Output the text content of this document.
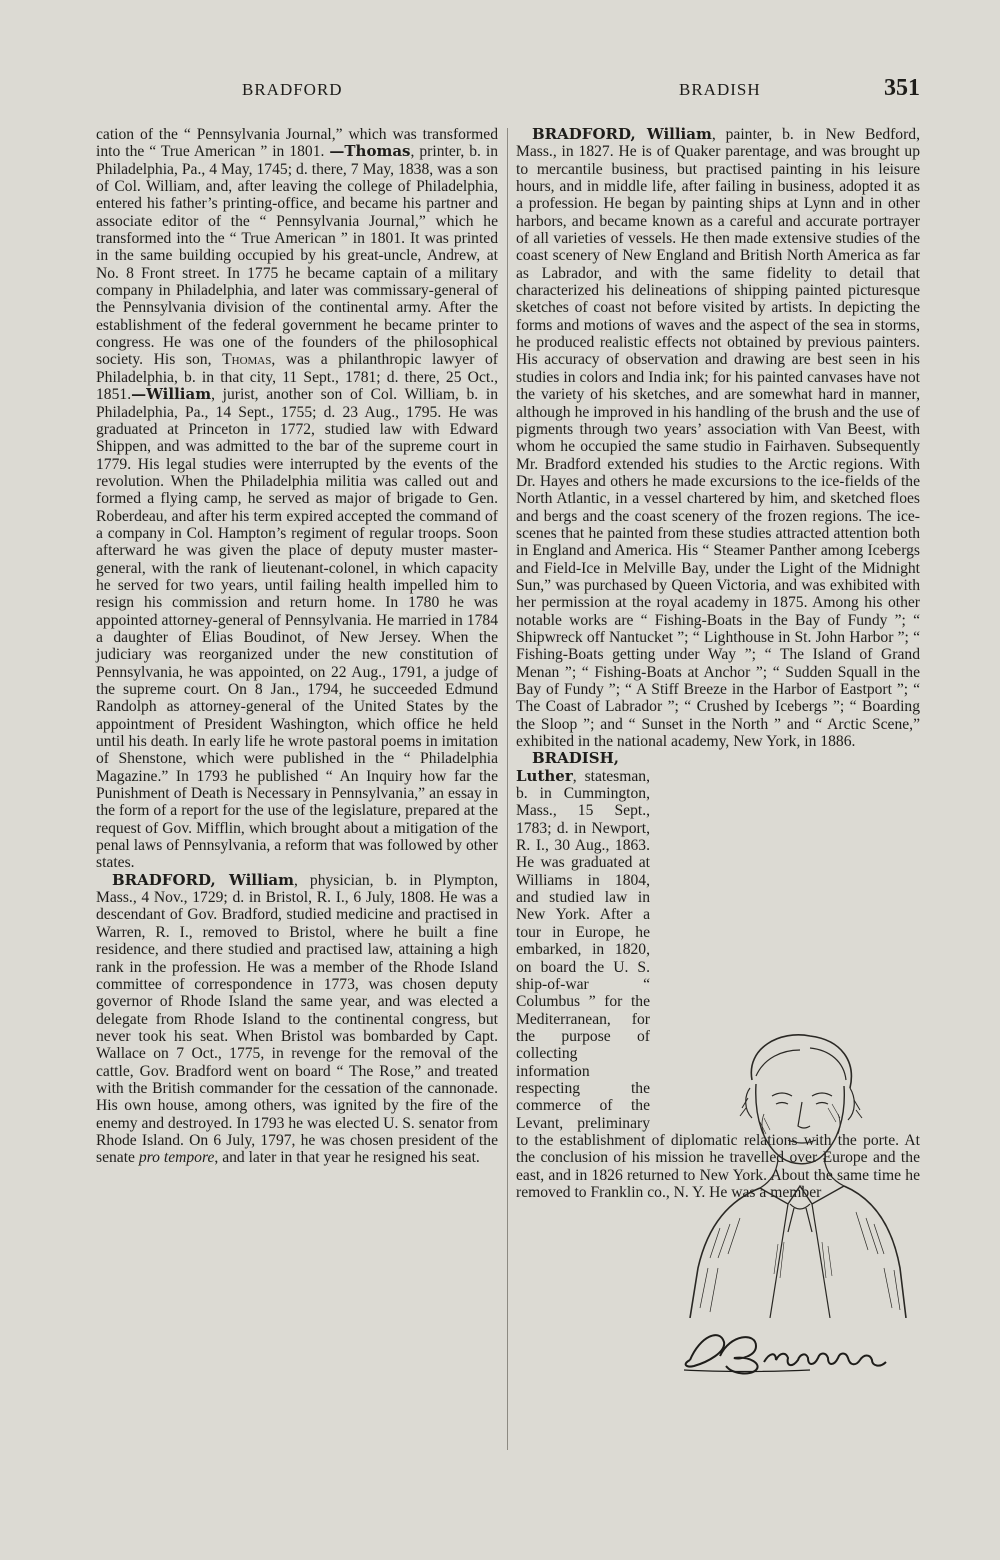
BRADFORD	BRADISH	351

cation of the “ Pennsylvania Journal,” which was transformed into the “ True American ” in 1801. —Thomas, printer, b. in Philadelphia, Pa., 4 May, 1745; d. there, 7 May, 1838, was a son of Col. William, and, after leaving the college of Philadelphia, entered his father’s printing-office, and became his partner and associate editor of the “ Pennsylvania Journal,” which he transformed into the “ True American ” in 1801. It was printed in the same building occupied by his great-uncle, Andrew, at No. 8 Front street. In 1775 he became captain of a military company in Philadelphia, and later was commissary-general of the Pennsylvania division of the continental army. After the establishment of the federal government he became printer to congress. He was one of the founders of the philosophical society. His son, Thomas, was a philanthropic lawyer of Philadelphia, b. in that city, 11 Sept., 1781; d. there, 25 Oct., 1851.—William, jurist, another son of Col. William, b. in Philadelphia, Pa., 14 Sept., 1755; d. 23 Aug., 1795. He was graduated at Princeton in 1772, studied law with Edward Shippen, and was admitted to the bar of the supreme court in 1779. His legal studies were interrupted by the events of the revolution. When the Philadelphia militia was called out and formed a flying camp, he served as major of brigade to Gen. Roberdeau, and after his term expired accepted the command of a company in Col. Hampton’s regiment of regular troops. Soon afterward he was given the place of deputy muster master-general, with the rank of lieutenant-colonel, in which capacity he served for two years, until failing health impelled him to resign his commission and return home. In 1780 he was appointed attorney-general of Pennsylvania. He married in 1784 a daughter of Elias Boudinot, of New Jersey. When the judiciary was reorganized under the new constitution of Pennsylvania, he was appointed, on 22 Aug., 1791, a judge of the supreme court. On 8 Jan., 1794, he succeeded Edmund Randolph as attorney-general of the United States by the appointment of President Washington, which office he held until his death. In early life he wrote pastoral poems in imitation of Shenstone, which were published in the “ Philadelphia Magazine.” In 1793 he published “ An Inquiry how far the Punishment of Death is Necessary in Pennsylvania,” an essay in the form of a report for the use of the legislature, prepared at the request of Gov. Mifflin, which brought about a mitigation of the penal laws of Pennsylvania, a reform that was followed by other states.

BRADFORD, William, physician, b. in Plympton, Mass., 4 Nov., 1729; d. in Bristol, R. I., 6 July, 1808. He was a descendant of Gov. Bradford, studied medicine and practised in Warren, R. I., removed to Bristol, where he built a fine residence, and there studied and practised law, attaining a high rank in the profession. He was a member of the Rhode Island committee of correspondence in 1773, was chosen deputy governor of Rhode Island the same year, and was elected a delegate from Rhode Island to the continental congress, but never took his seat. When Bristol was bombarded by Capt. Wallace on 7 Oct., 1775, in revenge for the removal of the cattle, Gov. Bradford went on board “ The Rose,” and treated with the British commander for the cessation of the cannonade. His own house, among others, was ignited by the fire of the enemy and destroyed. In 1793 he was elected U. S. senator from Rhode Island. On 6 July, 1797, he was chosen president of the senate pro tempore, and later in that year he resigned his seat.

BRADFORD, William, painter, b. in New Bedford, Mass., in 1827. He is of Quaker parentage, and was brought up to mercantile business, but practised painting in his leisure hours, and in middle life, after failing in business, adopted it as a profession. He began by painting ships at Lynn and in other harbors, and became known as a careful and accurate portrayer of all varieties of vessels. He then made extensive studies of the coast scenery of New England and British North America as far as Labrador, and with the same fidelity to detail that characterized his delineations of shipping painted picturesque sketches of coast not before visited by artists. In depicting the forms and motions of waves and the aspect of the sea in storms, he produced realistic effects not obtained by previous painters. His accuracy of observation and drawing are best seen in his studies in colors and India ink; for his painted canvases have not the variety of his sketches, and are somewhat hard in manner, although he improved in his handling of the brush and the use of pigments through two years’ association with Van Beest, with whom he occupied the same studio in Fairhaven. Subsequently Mr. Bradford extended his studies to the Arctic regions. With Dr. Hayes and others he made excursions to the ice-fields of the North Atlantic, in a vessel chartered by him, and sketched floes and bergs and the coast scenery of the frozen regions. The ice-scenes that he painted from these studies attracted attention both in England and America. His “ Steamer Panther among Icebergs and Field-Ice in Melville Bay, under the Light of the Midnight Sun,” was purchased by Queen Victoria, and was exhibited with her permission at the royal academy in 1875. Among his other notable works are “ Fishing-Boats in the Bay of Fundy ”; “ Shipwreck off Nantucket ”; “ Lighthouse in St. John Harbor ”; “ Fishing-Boats getting under Way ”; “ The Island of Grand Menan ”; “ Fishing-Boats at Anchor ”; “ Sudden Squall in the Bay of Fundy ”; “ A Stiff Breeze in the Harbor of Eastport ”; “ The Coast of Labrador ”; “ Crushed by Icebergs ”; “ Boarding the Sloop ”; and “ Sunset in the North ” and “ Arctic Scene,” exhibited in the national academy, New York, in 1886.

BRADISH, Luther, statesman, b. in Cummington, Mass., 15 Sept., 1783; d. in Newport, R. I., 30 Aug., 1863. He was graduated at Williams in 1804, and studied law in New York. After a tour in Europe, he embarked, in 1820, on board the U. S. ship-of-war “ Columbus ” for the Mediterranean, for the purpose of collecting information respecting the commerce of the Levant, preliminary to the establishment of diplomatic relations with the porte. At the conclusion of his mission he travelled over Europe and the east, and in 1826 returned to New York. About the same time he removed to Franklin co., N. Y. He was a member
